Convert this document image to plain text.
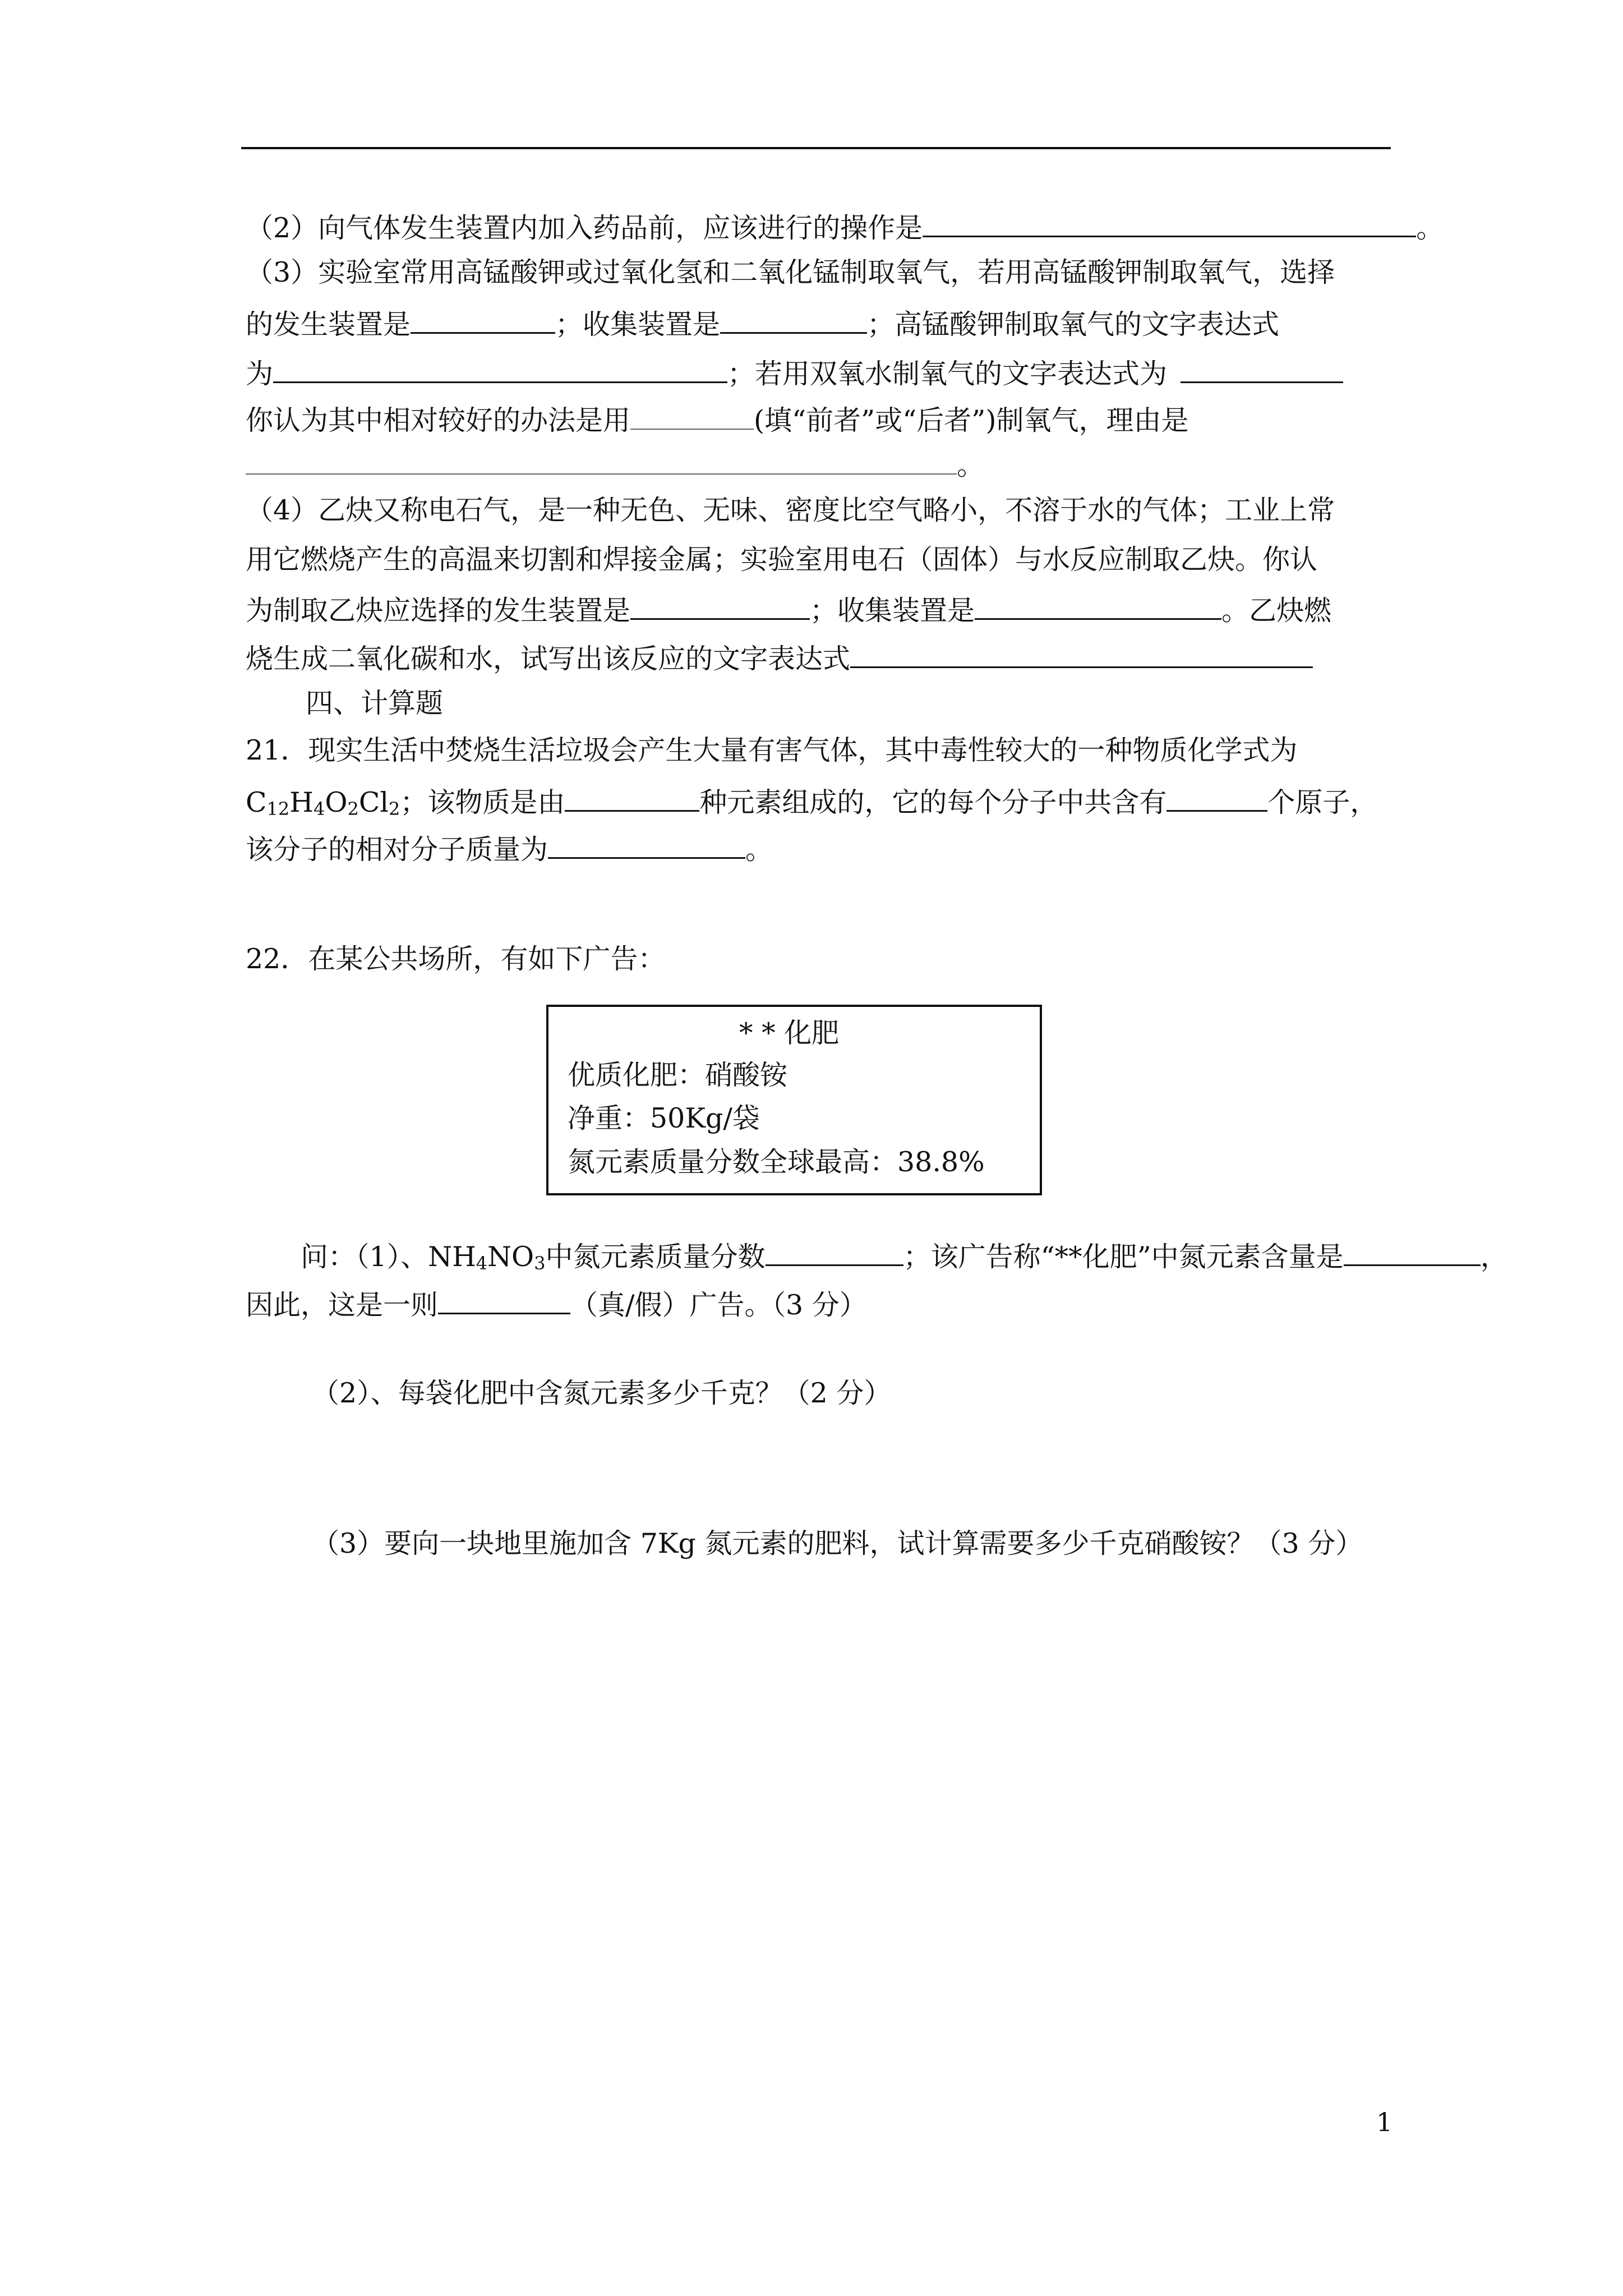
（2）向气体发生装置内加入药品前，应该进行的操作是	。
（3）实验室常用高锰酸钾或过氧化氢和二氧化锰制取氧气，若用高锰酸钾制取氧气，选择
的发生装置是	；收集装置是	；高锰酸钾制取氧气的文字表达式
为	；若用双氧水制氧气的文字表达式为
你认为其中相对较好的办法是用	(填“前者”或“后者”)制氧气，理由是
。
（4）乙炔又称电石气，是一种无色、无味、密度比空气略小，不溶于水的气体；工业上常
用它燃烧产生的高温来切割和焊接金属；实验室用电石（固体）与水反应制取乙炔。你认
为制取乙炔应选择的发生装置是	；收集装置是	。乙炔燃
烧生成二氧化碳和水，试写出该反应的文字表达式
四、计算题
21．现实生活中焚烧生活垃圾会产生大量有害气体，其中毒性较大的一种物质化学式为
$C_{12}H_4O_2Cl_2$；该物质是由	种元素组成的，它的每个分子中共含有	个原子，
该分子的相对分子质量为	。
22．在某公共场所，有如下广告：
* * 化肥
优质化肥：硝酸铵
净重：50Kg/袋
氮元素质量分数全球最高：38.8%
问：（1）、$NH_4NO_3$中氮元素质量分数	；该广告称“**化肥”中氮元素含量是	，
因此，这是一则	（真/假）广告。（3 分）
（2）、每袋化肥中含氮元素多少千克？（2 分）
（3）要向一块地里施加含 7Kg 氮元素的肥料，试计算需要多少千克硝酸铵？（3 分）
1
